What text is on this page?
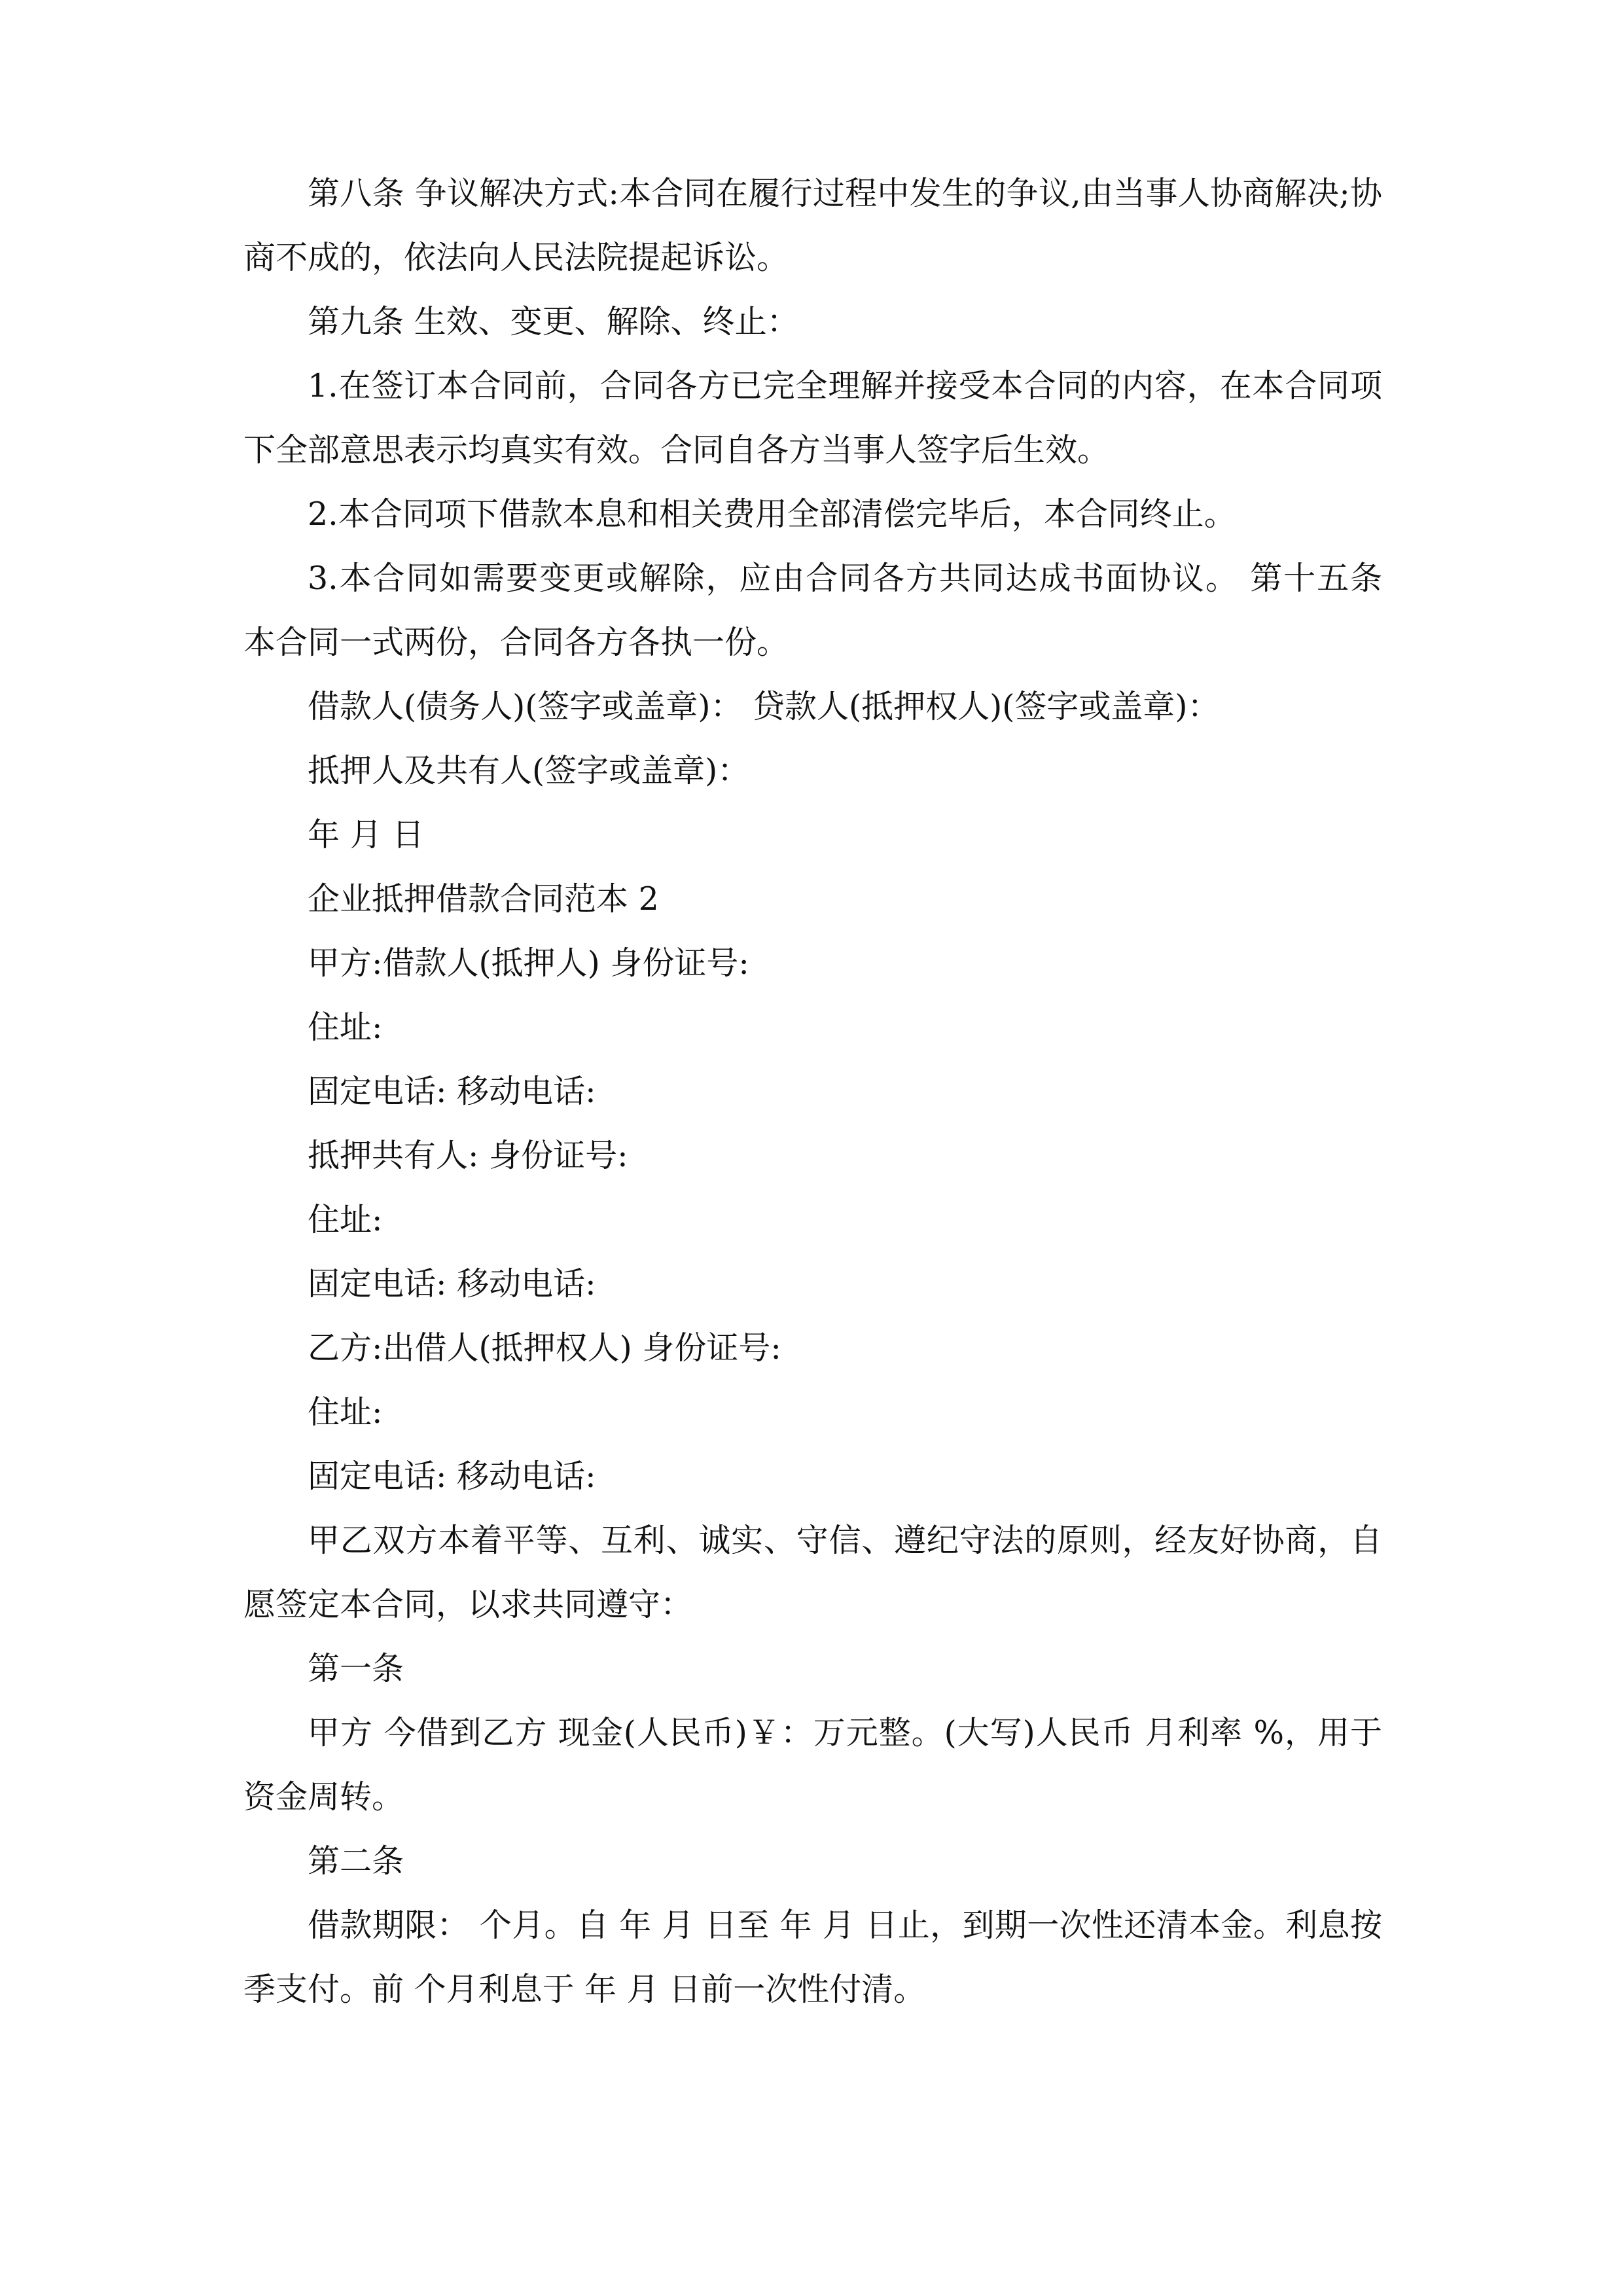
第八条 争议解决方式:本合同在履行过程中发生的争议,由当事人协商解决;协商不成的，依法向人民法院提起诉讼。

第九条 生效、变更、解除、终止：

1.在签订本合同前，合同各方已完全理解并接受本合同的内容，在本合同项下全部意思表示均真实有效。合同自各方当事人签字后生效。

2.本合同项下借款本息和相关费用全部清偿完毕后，本合同终止。

3.本合同如需要变更或解除，应由合同各方共同达成书面协议。 第十五条 本合同一式两份，合同各方各执一份。

借款人(债务人)(签字或盖章)： 贷款人(抵押权人)(签字或盖章)：

抵押人及共有人(签字或盖章)：

年 月 日

企业抵押借款合同范本 2

甲方:借款人(抵押人) 身份证号:

住址:

固定电话: 移动电话:

抵押共有人: 身份证号:

住址:

固定电话: 移动电话:

乙方:出借人(抵押权人) 身份证号:

住址:

固定电话: 移动电话:

甲乙双方本着平等、互利、诚实、守信、遵纪守法的原则，经友好协商，自愿签定本合同，以求共同遵守：

第一条

甲方 今借到乙方 现金(人民币)￥：万元整。(大写)人民币 月利率 %，用于资金周转。

第二条

借款期限： 个月。自 年 月 日至 年 月 日止，到期一次性还清本金。利息按季支付。前 个月利息于 年 月 日前一次性付清。
